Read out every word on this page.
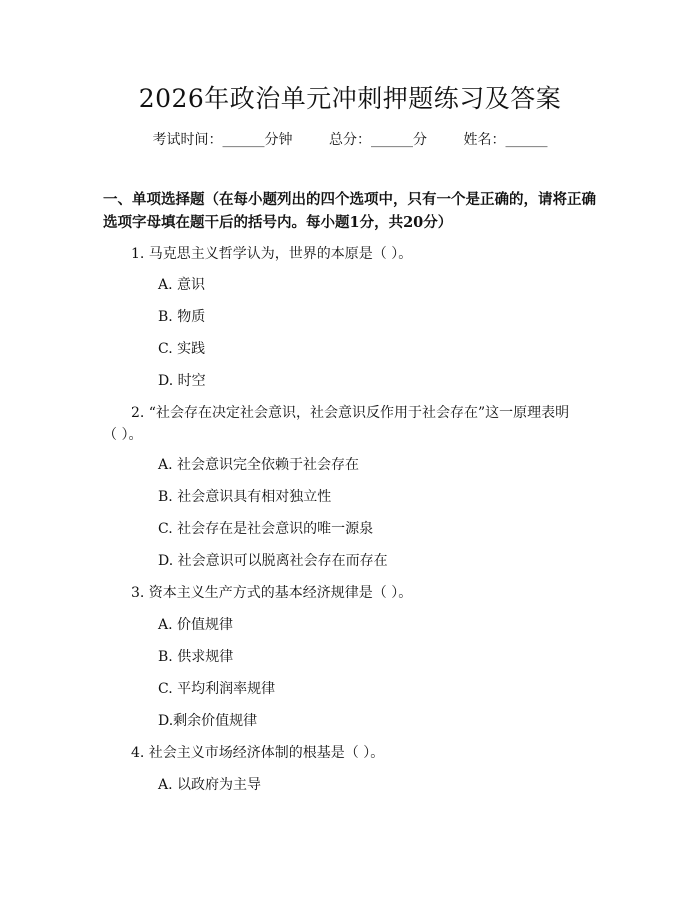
2026年政治单元冲刺押题练习及答案
考试时间：______分钟	总分：______分	姓名：______
一、单项选择题（在每小题列出的四个选项中，只有一个是正确的，请将正确选项字母填在题干后的括号内。每小题1分，共20分）
1. 马克思主义哲学认为，世界的本原是（ ）。
A. 意识
B. 物质
C. 实践
D. 时空
2. “社会存在决定社会意识，社会意识反作用于社会存在”这一原理表明
（ ）。
A. 社会意识完全依赖于社会存在
B. 社会意识具有相对独立性
C. 社会存在是社会意识的唯一源泉
D. 社会意识可以脱离社会存在而存在
3. 资本主义生产方式的基本经济规律是（ ）。
A. 价值规律
B. 供求规律
C. 平均利润率规律
D.剩余价值规律
4. 社会主义市场经济体制的根基是（ ）。
A. 以政府为主导
